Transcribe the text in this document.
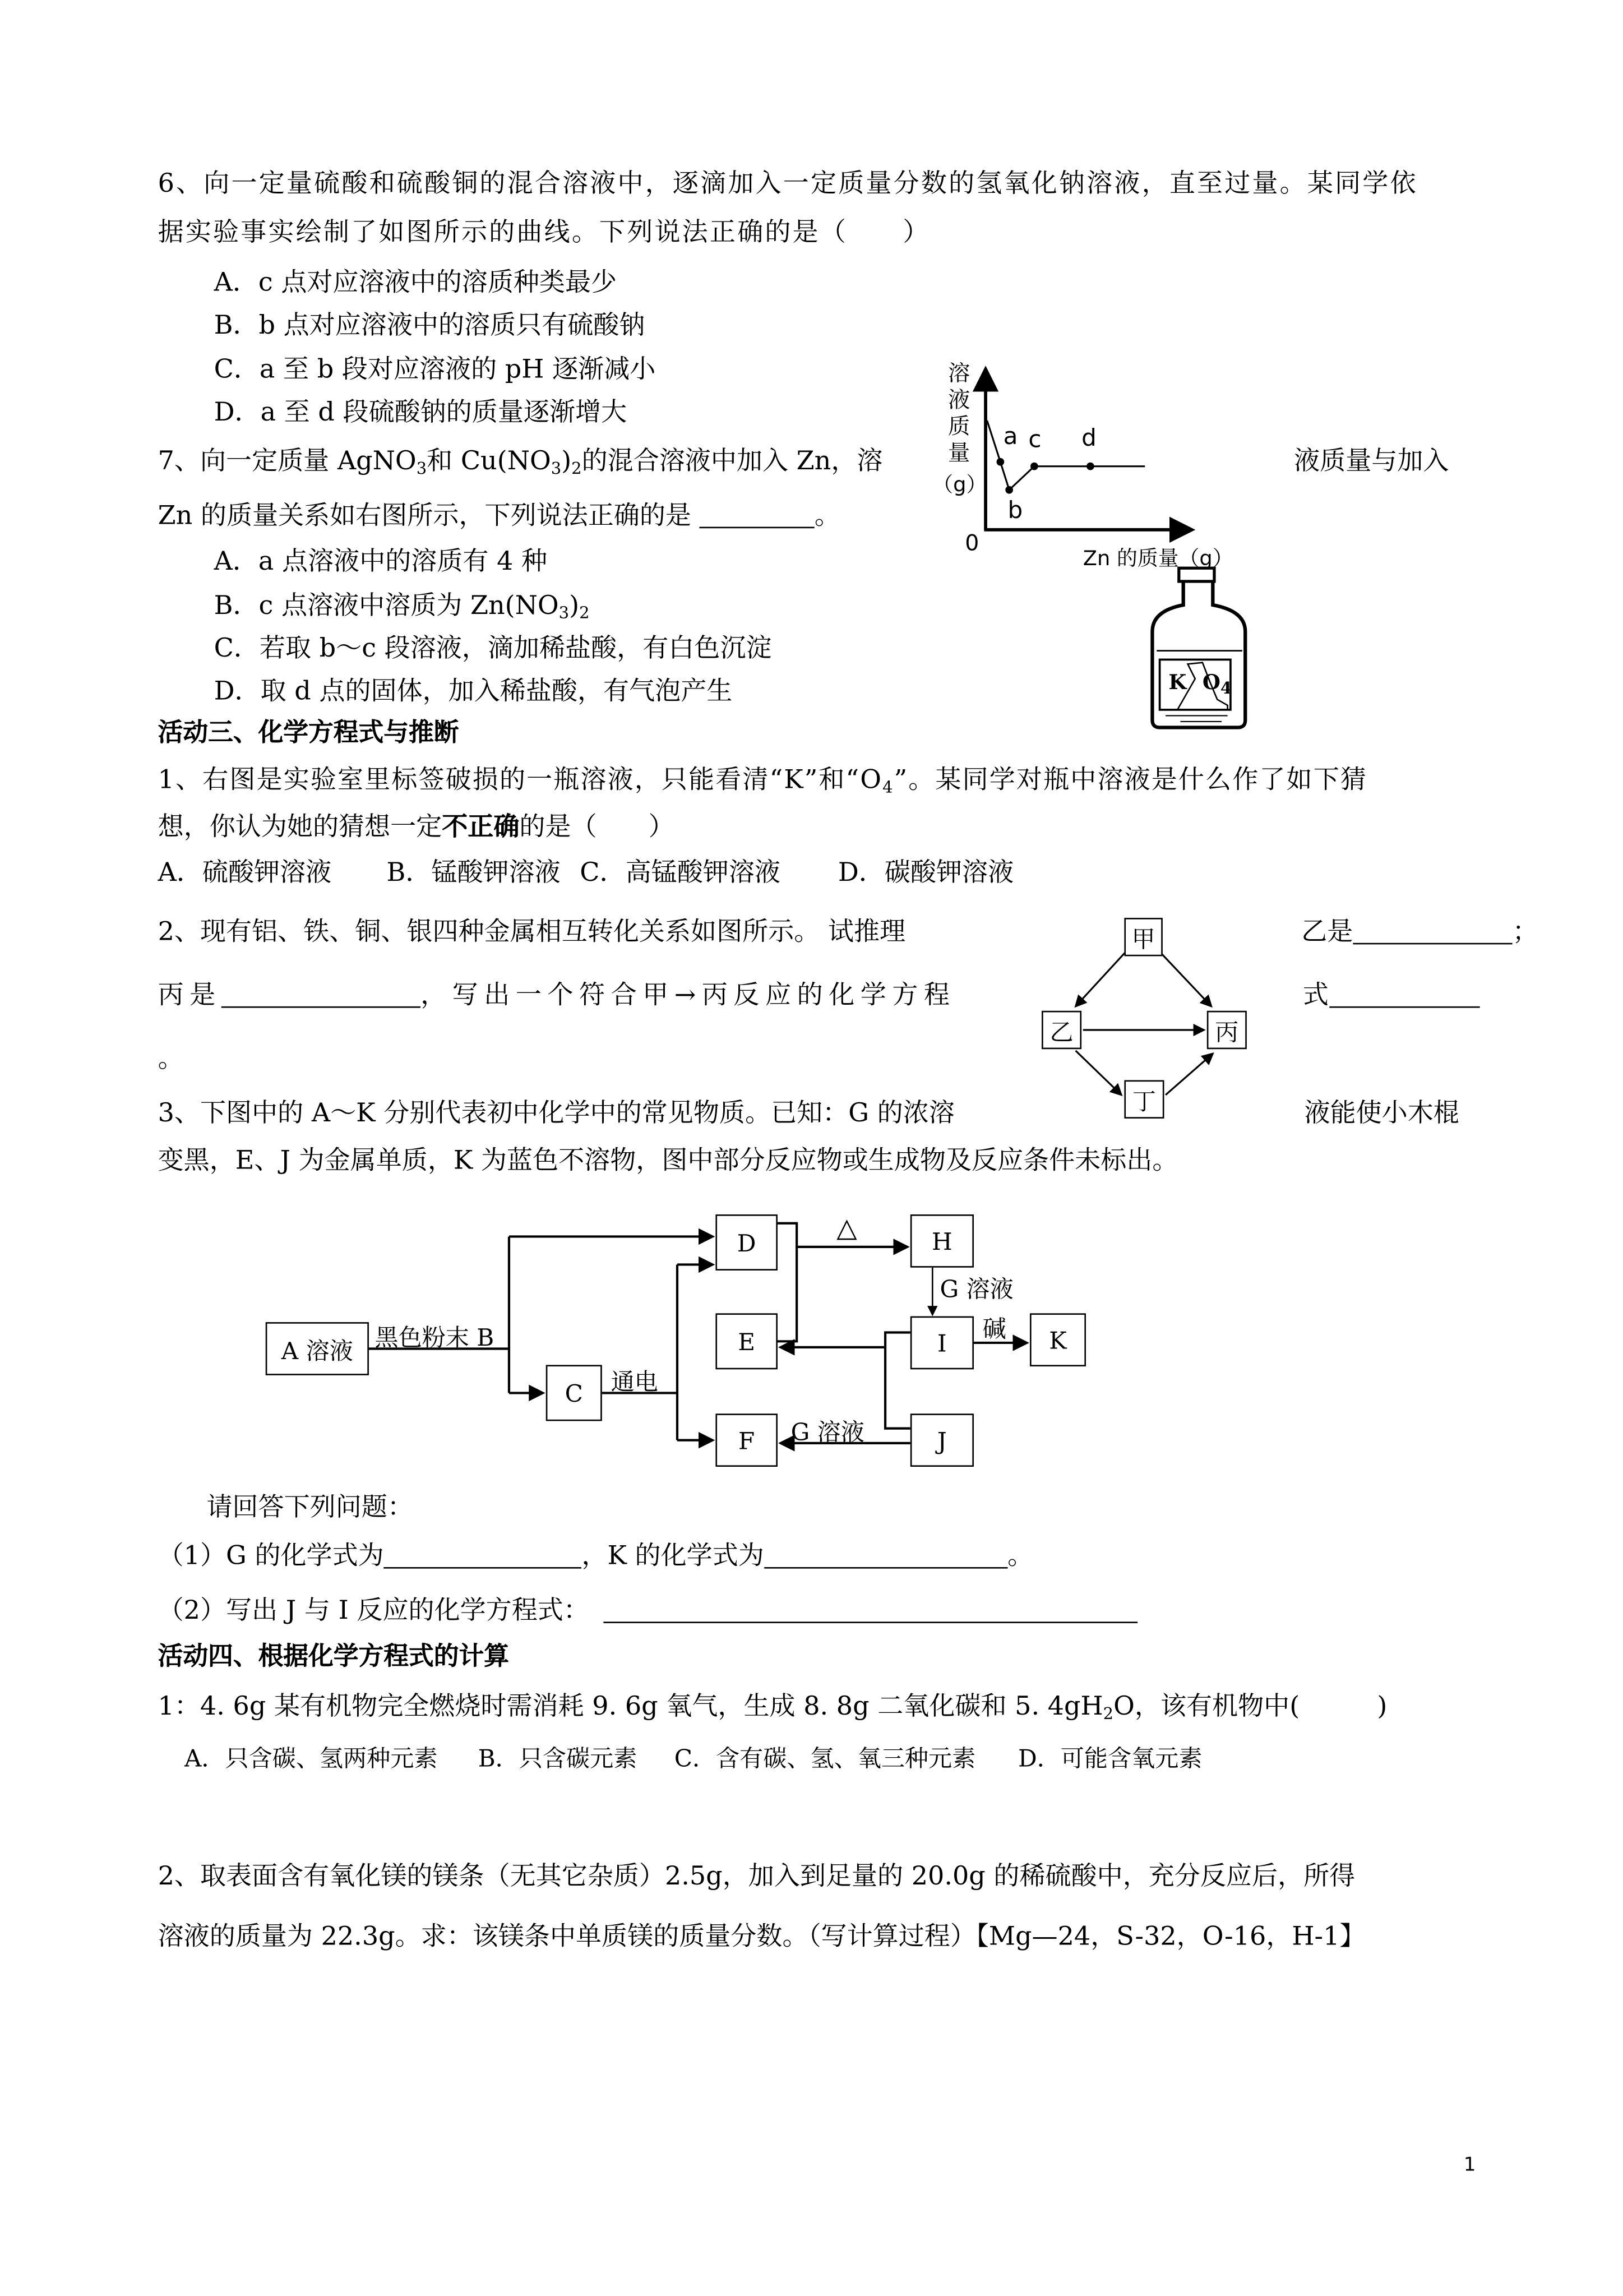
6、向一定量硫酸和硫酸铜的混合溶液中，逐滴加入一定质量分数的氢氧化钠溶液，直至过量。某同学依
据实验事实绘制了如图所示的曲线。下列说法正确的是（　　）
A．c 点对应溶液中的溶质种类最少
B．b 点对应溶液中的溶质只有硫酸钠
C．a 至 b 段对应溶液的 pH 逐渐减小
D．a 至 d 段硫酸钠的质量逐渐增大
7、向一定质量 AgNO$_3$和 $Cu(NO_3)_2$的混合溶液中加入 Zn，溶	液质量与加入
Zn 的质量关系如右图所示，下列说法正确的是	。
A．a 点溶液中的溶质有 4 种
B．c 点溶液中溶质为 $Zn(NO_3)_2$
C．若取 b～c 段溶液，滴加稀盐酸，有白色沉淀
D．取 d 点的固体，加入稀盐酸，有气泡产生
溶液质量
（g）
0
Zn 的质量（g）
a
b
c	d
K $O_4$
活动三、化学方程式与推断
1、右图是实验室里标签破损的一瓶溶液，只能看清“K”和“$O_4$”。某同学对瓶中溶液是什么作了如下猜
想，你认为她的猜想一定不正确的是（　　）
A．硫酸钾溶液	B．锰酸钾溶液 C．高锰酸钾溶液	D．碳酸钾溶液
2、现有铝、铁、铜、银四种金属相互转化关系如图所示。 试推理	乙是	；
丙是	，写出一个符合甲→丙反应的化学方程	式
。
甲
乙	丙
丁
3、下图中的 A～K 分别代表初中化学中的常见物质。已知：G 的浓溶	液能使小木棍
变黑，E、J 为金属单质，K 为蓝色不溶物，图中部分反应物或生成物及反应条件未标出。
A 溶液
C
D
E
F
H
I
J
K
黑色粉末 B
通电
△
G 溶液
碱
G 溶液
请回答下列问题：
（1）G 的化学式为	，K 的化学式为	。
（2）写出 J 与 I 反应的化学方程式：
活动四、根据化学方程式的计算
1：4. 6g 某有机物完全燃烧时需消耗 9. 6g 氧气，生成 8. 8g 二氧化碳和 5. $4gH_2O$，该有机物中(　　　)
A．只含碳、氢两种元素	B．只含碳元素	C．含有碳、氢、氧三种元素	D．可能含氧元素
2、取表面含有氧化镁的镁条（无其它杂质）2.5g，加入到足量的 20.0g 的稀硫酸中，充分反应后，所得
溶液的质量为 22.3g。求：该镁条中单质镁的质量分数。（写计算过程）【Mg—24，S-32，O-16，H-1】
1
